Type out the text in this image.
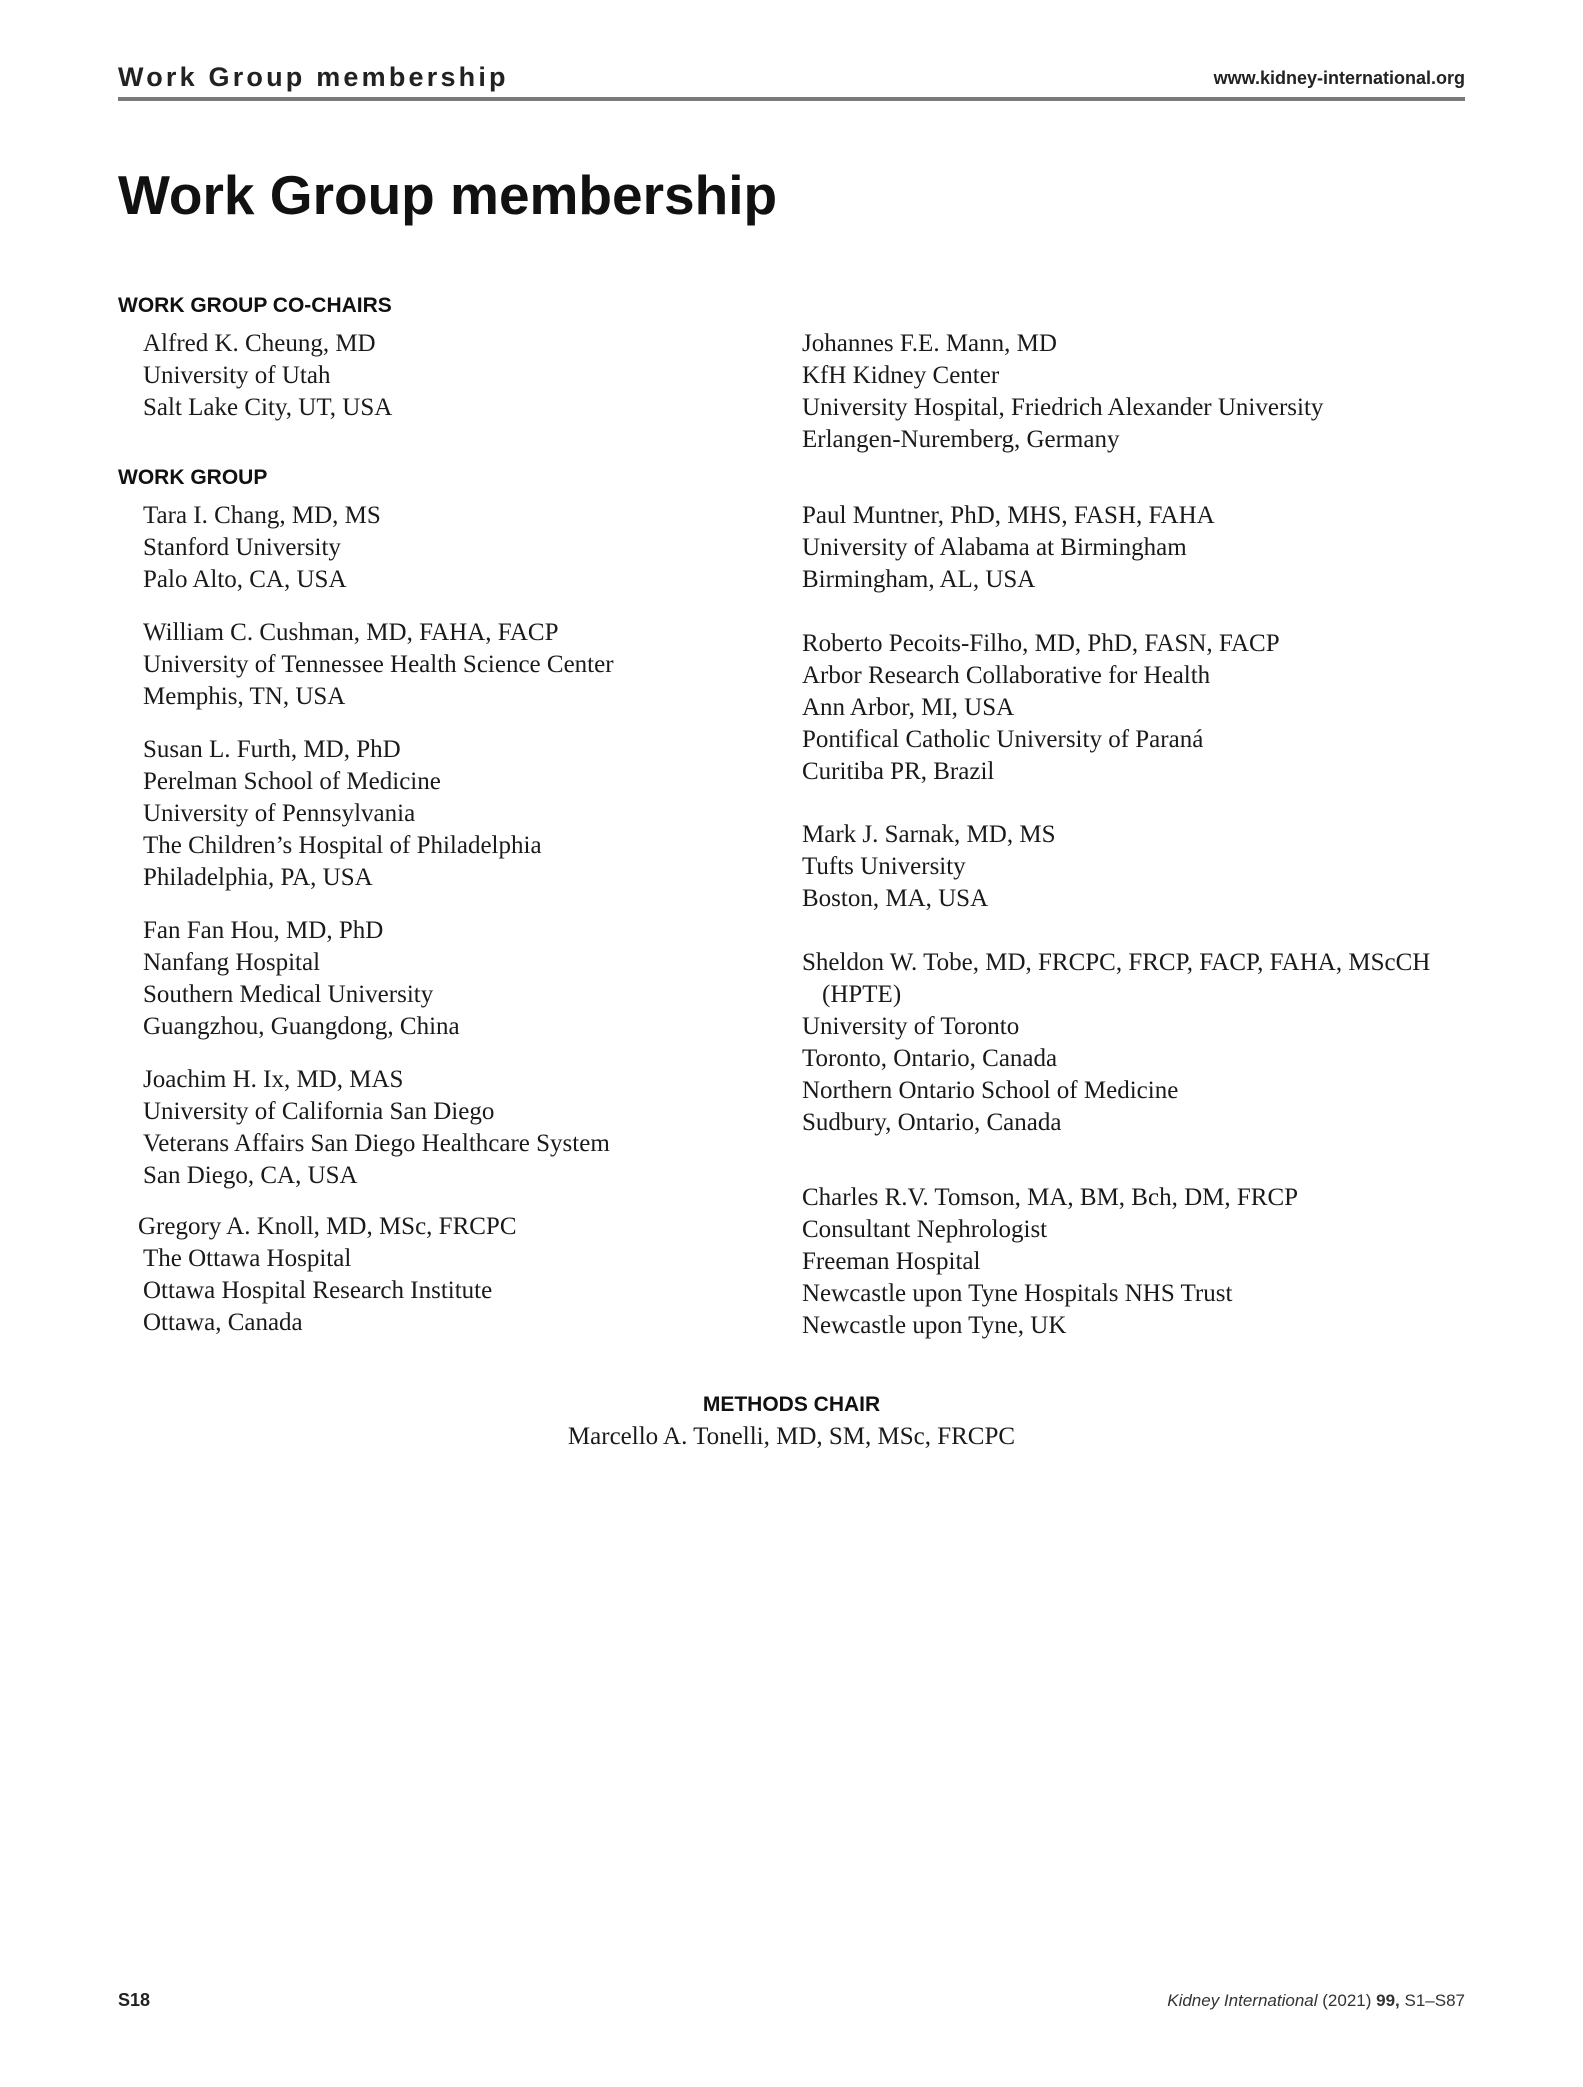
Work Group membership	www.kidney-international.org
Work Group membership
WORK GROUP CO-CHAIRS
Alfred K. Cheung, MD
University of Utah
Salt Lake City, UT, USA
Johannes F.E. Mann, MD
KfH Kidney Center
University Hospital, Friedrich Alexander University
Erlangen-Nuremberg, Germany
WORK GROUP
Tara I. Chang, MD, MS
Stanford University
Palo Alto, CA, USA
William C. Cushman, MD, FAHA, FACP
University of Tennessee Health Science Center
Memphis, TN, USA
Susan L. Furth, MD, PhD
Perelman School of Medicine
University of Pennsylvania
The Children’s Hospital of Philadelphia
Philadelphia, PA, USA
Fan Fan Hou, MD, PhD
Nanfang Hospital
Southern Medical University
Guangzhou, Guangdong, China
Joachim H. Ix, MD, MAS
University of California San Diego
Veterans Affairs San Diego Healthcare System
San Diego, CA, USA
Gregory A. Knoll, MD, MSc, FRCPC
The Ottawa Hospital
Ottawa Hospital Research Institute
Ottawa, Canada
Paul Muntner, PhD, MHS, FASH, FAHA
University of Alabama at Birmingham
Birmingham, AL, USA
Roberto Pecoits-Filho, MD, PhD, FASN, FACP
Arbor Research Collaborative for Health
Ann Arbor, MI, USA
Pontifical Catholic University of Paraná
Curitiba PR, Brazil
Mark J. Sarnak, MD, MS
Tufts University
Boston, MA, USA
Sheldon W. Tobe, MD, FRCPC, FRCP, FACP, FAHA, MScCH
(HPTE)
University of Toronto
Toronto, Ontario, Canada
Northern Ontario School of Medicine
Sudbury, Ontario, Canada
Charles R.V. Tomson, MA, BM, Bch, DM, FRCP
Consultant Nephrologist
Freeman Hospital
Newcastle upon Tyne Hospitals NHS Trust
Newcastle upon Tyne, UK
METHODS CHAIR
Marcello A. Tonelli, MD, SM, MSc, FRCPC
S18	Kidney International (2021) 99, S1–S87
